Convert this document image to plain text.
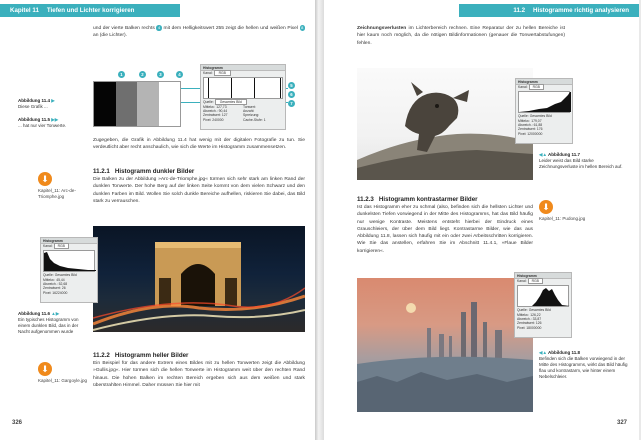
Kapitel 11 Tiefen und Lichter korrigieren
und der vierte Balken rechts 4 mit dem Helligkeitswert 255 zeigt die hellen und weißen Pixel 8 an (die Lichter).
1	2	3	4
5
6
7
Histogramm
Kanal: RGB
Quelle: Gesamtes Bild
Mittelw.: 127,73
Abweich.: 90,44
Zentralwert: 127
Pixel: 240000
Tonwert:
Anzahl:
Spreizung:
Cache-Stufe: 1
Abbildung 11.4 ▶
Diese Grafik ...
Abbildung 11.5 ▶▶
... hat nur vier Tonwerte.
Zugegeben, die Grafik in Abbildung 11.4 hat wenig mit der digitalen Fotografie zu tun. Sie verdeutlicht aber recht anschaulich, wie sich die Werte im Histogramm zusammensetzen.
11.2.1 Histogramm dunkler Bilder
Die Balken zu der Abbildung »Arc-de-Triomphe.jpg« türmen sich sehr stark am linken Rand der dunklen Tonwerte. Der hohe Berg auf der linken Seite kommt von dem vielen Schwarz und den dunklen Farben im Bild. Wollen Sie solch dunkle Bereiche aufhellen, riskieren Sie dabei, das Bild stark zu verrauschen.
⬇
Kapitel_11: Arc-de-Triomphe.jpg
Histogramm
Kanal: RGB
Quelle: Gesamtes Bild
Mittelw.: 45,44
Abweich.: 52,68
Zentralwert: 26
Pixel: 16224000
Abbildung 11.6 ▲▶
Ein typisches Histogramm von einem dunklen Bild, das in der Nacht aufgenommen wurde
⬇
Kapitel_11: Gargoyle.jpg
11.2.2 Histogramm heller Bilder
Ein Beispiel für das andere Extrem eines Bildes mit zu hellen Tonwerten zeigt die Abbildung »Gullis.jpg«. Hier türmen sich die hellen Tonwerte im Histogramm weit über den rechten Rand hinaus. Die hohen Balken im rechten Bereich ergeben sich aus dem weißen und stark überstrahlten Himmel. Daher müssen Sie hier mit
326
11.2 Histogramme richtig analysieren
Zeichnungsverlusten im Lichterbereich rechnen. Eine Reparatur der zu hellen Bereiche ist hier kaum noch möglich, da die nötigen Bildinformationen (genauer die Tonwertabstufungen) fehlen.
Histogramm
Kanal: RGB
Quelle: Gesamtes Bild
Mittelw.: 179,07
Abweich.: 61,88
Zentralwert: 176
Pixel: 12000000
◀▲ Abbildung 11.7
Leider weist das Bild starke Zeichnungsverluste im hellen Bereich auf.
⬇
Kapitel_11: Pudong.jpg
11.2.3 Histogramm kontrastarmer Bilder
Ist das Histogramm eher zu schmal (also, befinden sich die hellsten Lichter und dunkelsten Tiefen vorwiegend in der Mitte des Histogramms, hat das Bild häufig nur wenige Kontraste. Meistens entsteht hierbei der Eindruck eines Grauschleiers, der über dem Bild liegt. Kontrastarme Bilder, wie das aus Abbildung 11.8, lassen sich häufig mit ein oder zwei Arbeitsschritten korrigieren. Wie Sie das anstellen, erfahren Sie im Abschnitt 11.4.1, »Flaue Bilder korrigieren«.
Histogramm
Kanal: RGB
Quelle: Gesamtes Bild
Mittelw.: 126,22
Abweich.: 33,87
Zentralwert: 126
Pixel: 18000000
◀▲ Abbildung 11.8
Befinden sich die Balken vorwiegend in der Mitte des Histogramms, wirkt das Bild häufig flau und kontrastarm, wie hinter einem Nebelschleier.
327
